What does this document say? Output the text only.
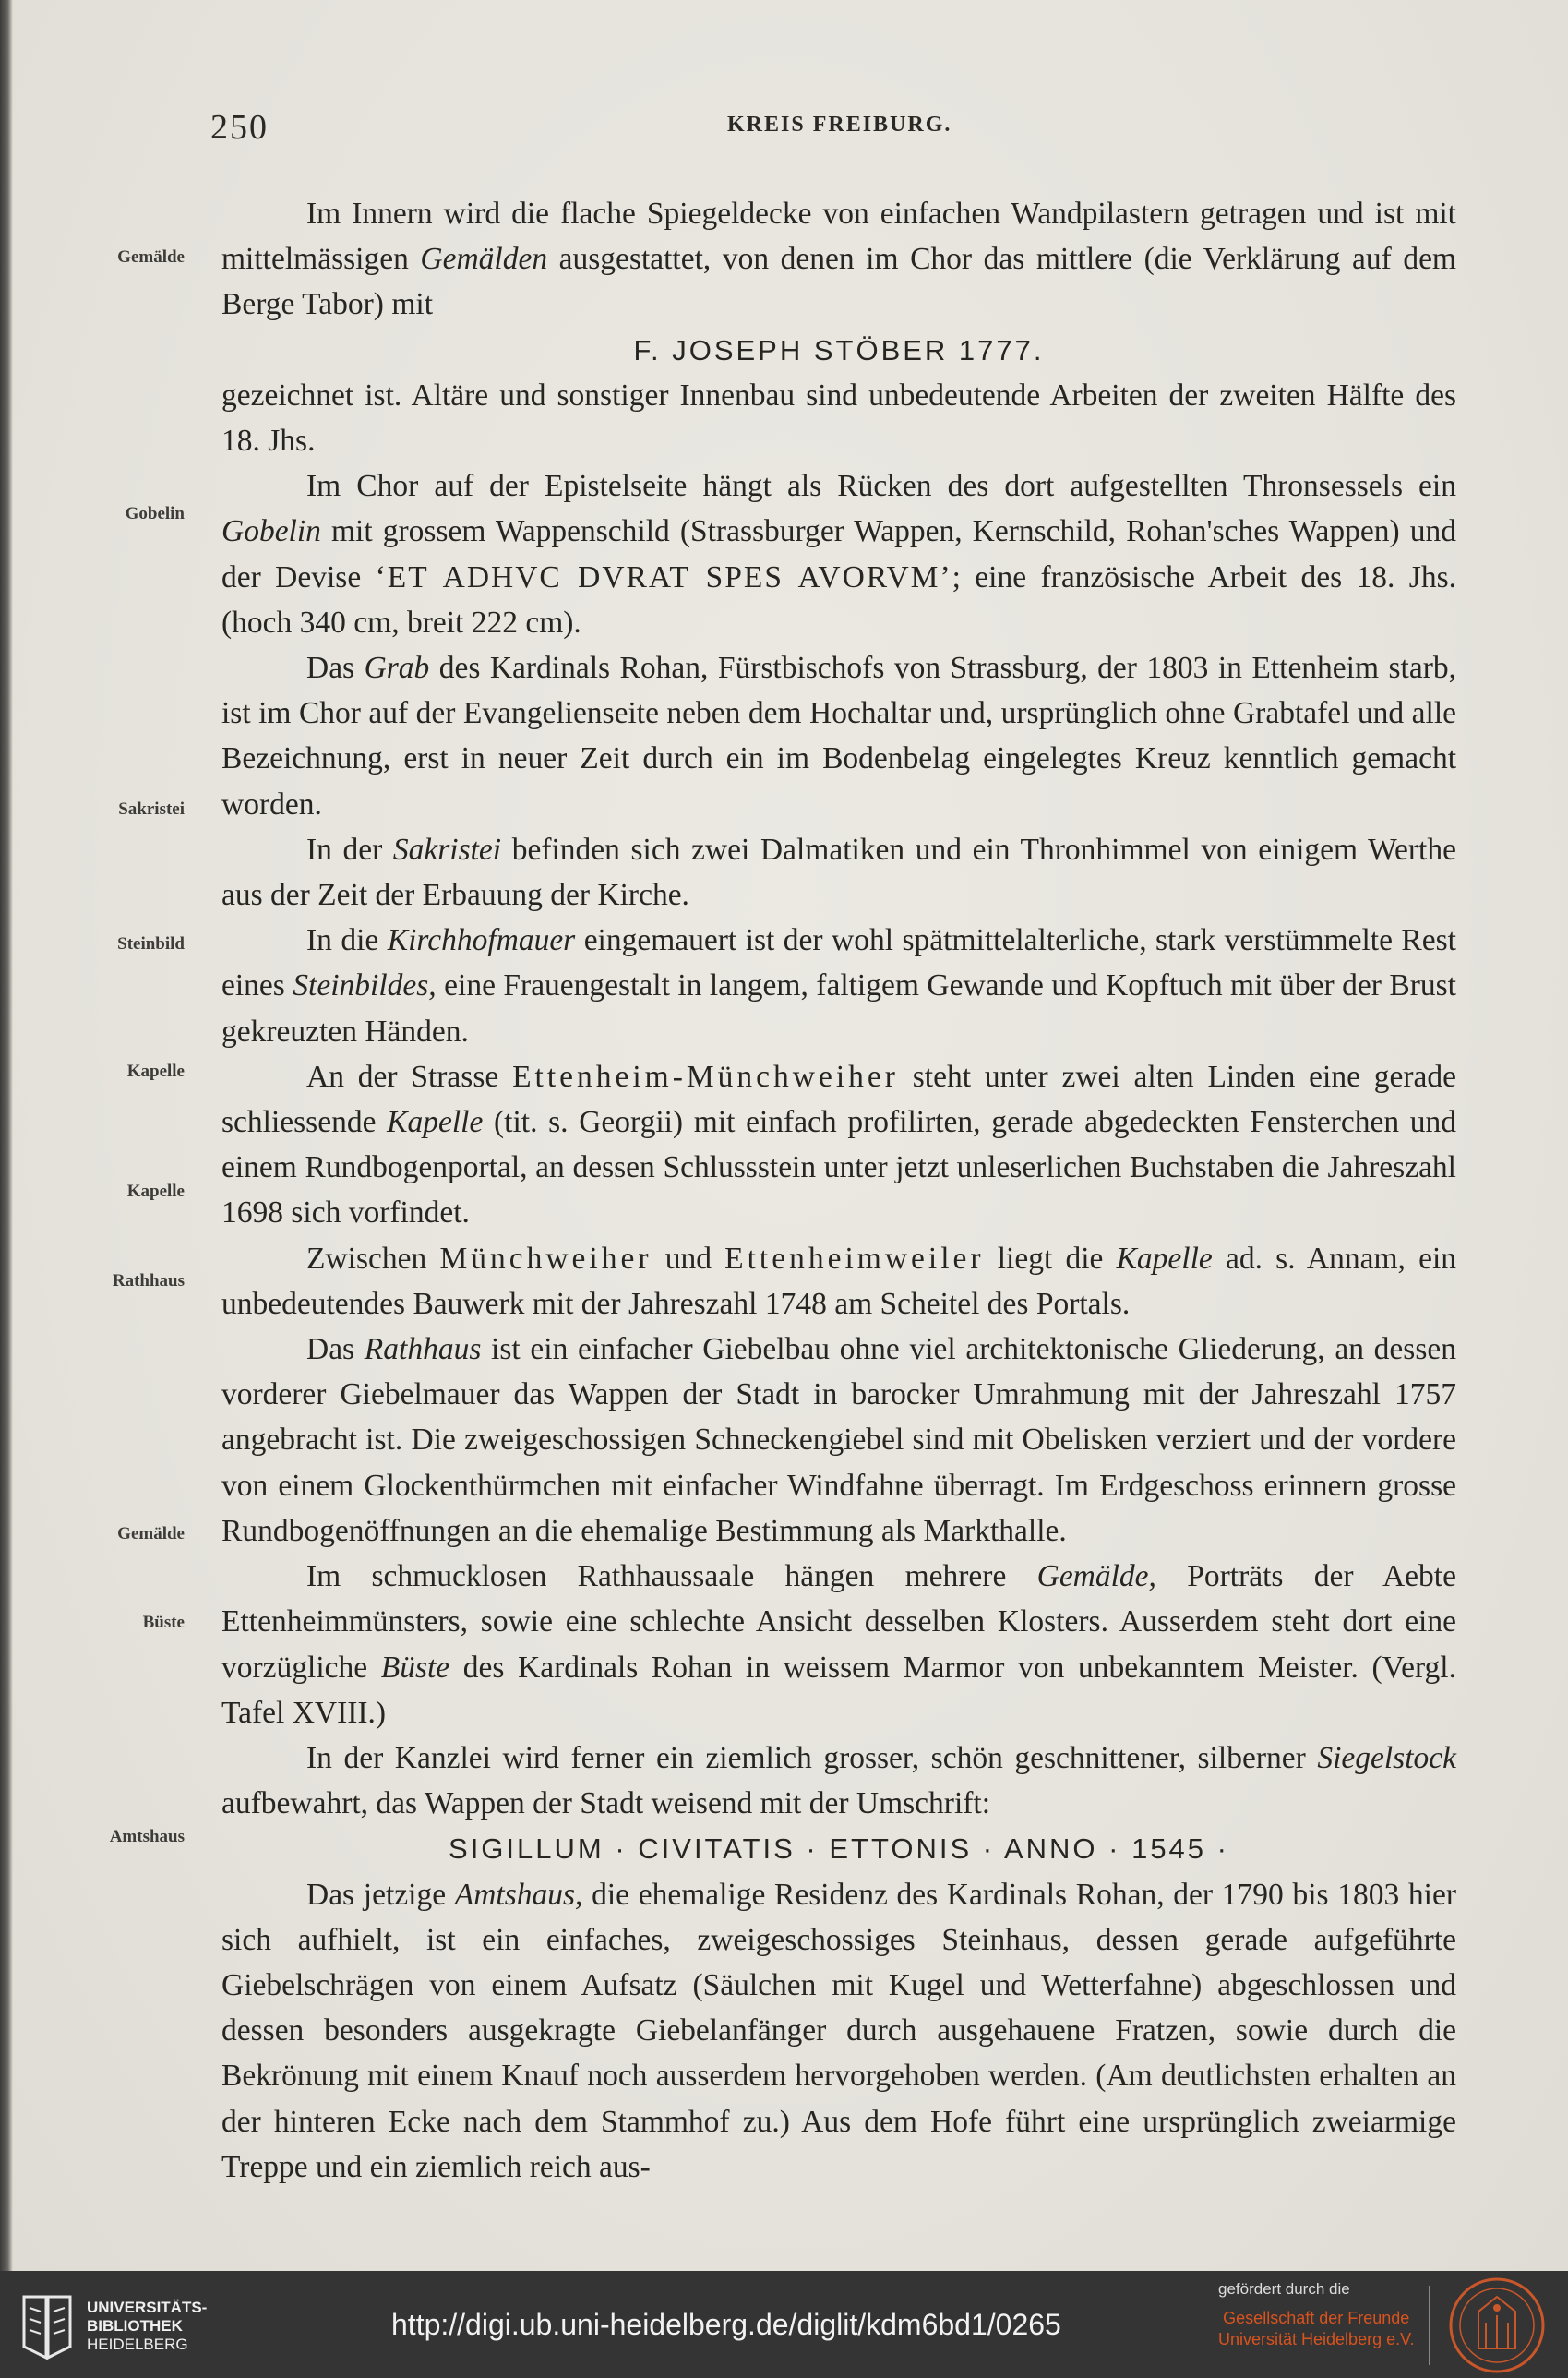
250	KREIS FREIBURG.
Gemälde
Gobelin
Sakristei
Steinbild
Kapelle
Kapelle
Rathhaus
Gemälde
Büste
Amtshaus

Im Innern wird die flache Spiegeldecke von einfachen Wandpilastern getragen und ist mit mittelmässigen Gemälden ausgestattet, von denen im Chor das mittlere (die Verklärung auf dem Berge Tabor) mit

F. JOSEPH STÖBER 1777.

gezeichnet ist. Altäre und sonstiger Innenbau sind unbedeutende Arbeiten der zweiten Hälfte des 18. Jhs.

Im Chor auf der Epistelseite hängt als Rücken des dort aufgestellten Thronsessels ein Gobelin mit grossem Wappenschild (Strassburger Wappen, Kernschild, Rohan'sches Wappen) und der Devise ‘ET ADHVC DVRAT SPES AVORVM’; eine französische Arbeit des 18. Jhs. (hoch 340 cm, breit 222 cm).

Das Grab des Kardinals Rohan, Fürstbischofs von Strassburg, der 1803 in Ettenheim starb, ist im Chor auf der Evangelienseite neben dem Hochaltar und, ursprünglich ohne Grabtafel und alle Bezeichnung, erst in neuer Zeit durch ein im Bodenbelag eingelegtes Kreuz kenntlich gemacht worden.

In der Sakristei befinden sich zwei Dalmatiken und ein Thronhimmel von einigem Werthe aus der Zeit der Erbauung der Kirche.

In die Kirchhofmauer eingemauert ist der wohl spätmittelalterliche, stark verstümmelte Rest eines Steinbildes, eine Frauengestalt in langem, faltigem Gewande und Kopftuch mit über der Brust gekreuzten Händen.

An der Strasse Ettenheim-Münchweiher steht unter zwei alten Linden eine gerade schliessende Kapelle (tit. s. Georgii) mit einfach profilirten, gerade abgedeckten Fensterchen und einem Rundbogenportal, an dessen Schlussstein unter jetzt unleserlichen Buchstaben die Jahreszahl 1698 sich vorfindet.

Zwischen Münchweiher und Ettenheimweiler liegt die Kapelle ad. s. Annam, ein unbedeutendes Bauwerk mit der Jahreszahl 1748 am Scheitel des Portals.

Das Rathhaus ist ein einfacher Giebelbau ohne viel architektonische Gliederung, an dessen vorderer Giebelmauer das Wappen der Stadt in barocker Umrahmung mit der Jahreszahl 1757 angebracht ist. Die zweigeschossigen Schneckengiebel sind mit Obelisken verziert und der vordere von einem Glockenthürmchen mit einfacher Windfahne überragt. Im Erdgeschoss erinnern grosse Rundbogenöffnungen an die ehemalige Bestimmung als Markthalle.

Im schmucklosen Rathhaussaale hängen mehrere Gemälde, Porträts der Aebte Ettenheimmünsters, sowie eine schlechte Ansicht desselben Klosters. Ausserdem steht dort eine vorzügliche Büste des Kardinals Rohan in weissem Marmor von unbekanntem Meister. (Vergl. Tafel XVIII.)

In der Kanzlei wird ferner ein ziemlich grosser, schön geschnittener, silberner Siegelstock aufbewahrt, das Wappen der Stadt weisend mit der Umschrift:

SIGILLUM · CIVITATIS · ETTONIS · ANNO · 1545 ·

Das jetzige Amtshaus, die ehemalige Residenz des Kardinals Rohan, der 1790 bis 1803 hier sich aufhielt, ist ein einfaches, zweigeschossiges Steinhaus, dessen gerade aufgeführte Giebelschrägen von einem Aufsatz (Säulchen mit Kugel und Wetterfahne) abgeschlossen und dessen besonders ausgekragte Giebelanfänger durch ausgehauene Fratzen, sowie durch die Bekrönung mit einem Knauf noch ausserdem hervorgehoben werden. (Am deutlichsten erhalten an der hinteren Ecke nach dem Stammhof zu.) Aus dem Hofe führt eine ursprünglich zweiarmige Treppe und ein ziemlich reich aus-

UNIVERSITÄTS-
BIBLIOTHEK
HEIDELBERG
http://digi.ub.uni-heidelberg.de/diglit/kdm6bd1/0265
gefördert durch die
Gesellschaft der Freunde
Universität Heidelberg e.V.
